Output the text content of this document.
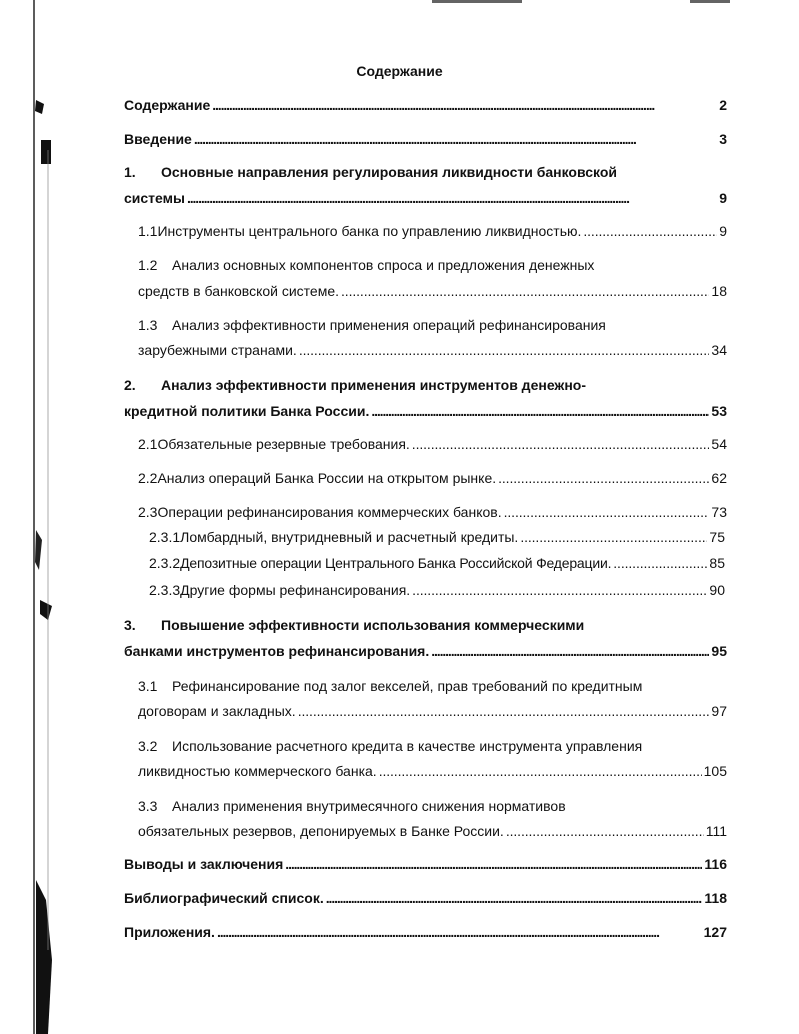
Содержание
Содержание . . .	2
Введение . . .	3
1. Основные направления регулирования ликвидности банковской
системы . . .	9
1.1 Инструменты центрального банка по управлению ликвидностью. . . .	9
1.2 Анализ основных компонентов спроса и предложения денежных
средств в банковской системе. . . .	18
1.3 Анализ эффективности применения операций рефинансирования
зарубежными странами. . . .	34
2. Анализ эффективности применения инструментов денежно-
кредитной политики Банка России. . . .	53
2.1 Обязательные резервные требования. . . .	54
2.2 Анализ операций Банка России на открытом рынке. . . .	62
2.3 Операции рефинансирования коммерческих банков. . . .	73
2.3.1 Ломбардный, внутридневный и расчетный кредиты. . . .	75
2.3.2 Депозитные операции Центрального Банка Российской Федерации. . . .	85
2.3.3 Другие формы рефинансирования. . . .	90
3. Повышение эффективности использования коммерческими
банками инструментов рефинансирования. . . .	95
3.1 Рефинансирование под залог векселей, прав требований по кредитным
договорам и закладных. . . .	97
3.2 Использование расчетного кредита в качестве инструмента управления
ликвидностью коммерческого банка. . . .	105
3.3 Анализ применения внутримесячного снижения нормативов
обязательных резервов, депонируемых в Банке России. . . .	111
Выводы и заключения . . .	116
Библиографический список. . . .	118
Приложения. . . .	127
